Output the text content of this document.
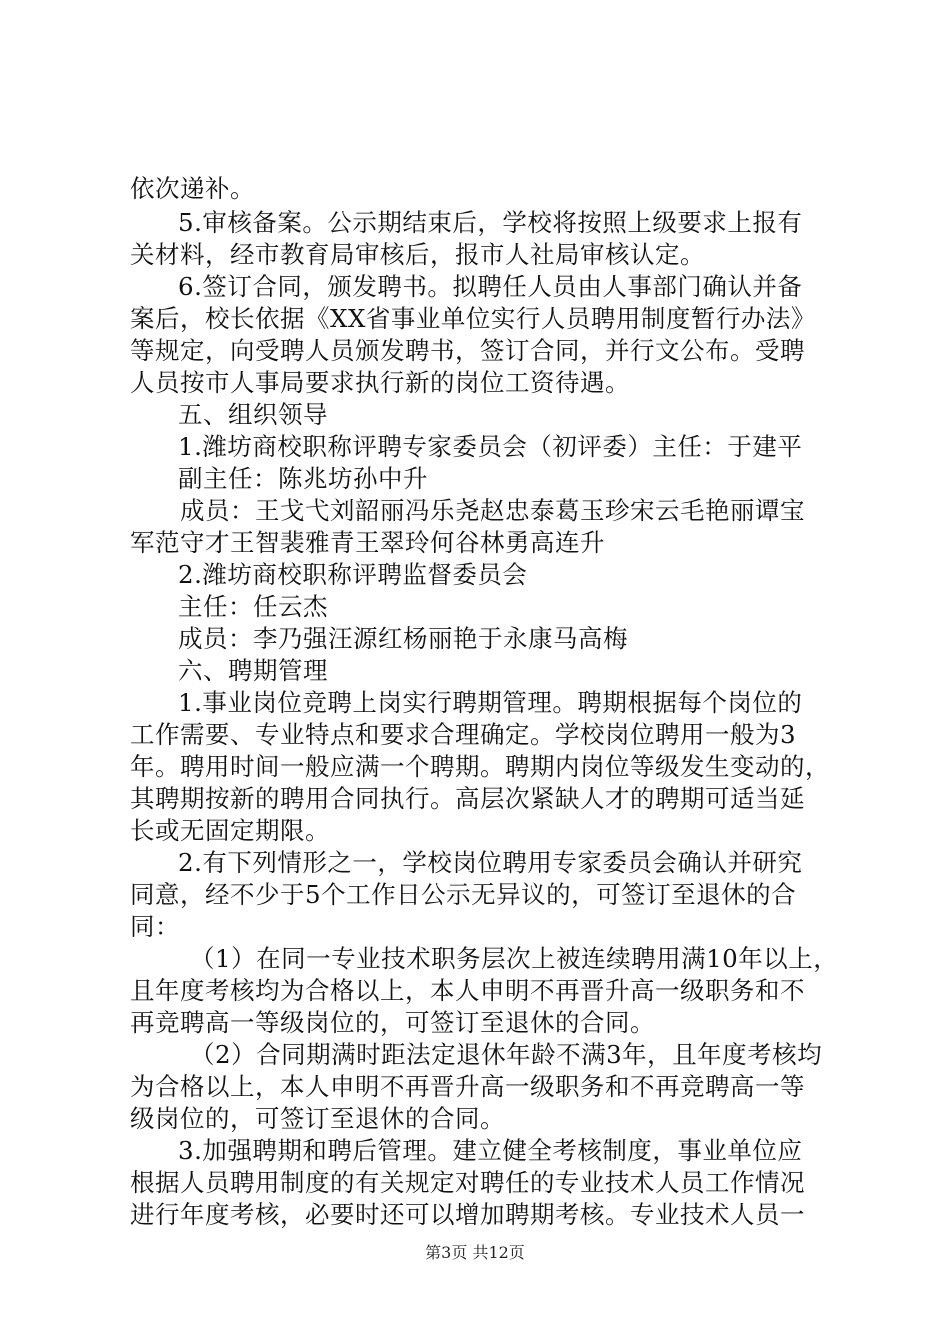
依次递补。
5.审核备案。公示期结束后，学校将按照上级要求上报有
关材料，经市教育局审核后，报市人社局审核认定。
6.签订合同，颁发聘书。拟聘任人员由人事部门确认并备
案后，校长依据《XX省事业单位实行人员聘用制度暂行办法》
等规定，向受聘人员颁发聘书，签订合同，并行文公布。受聘
人员按市人事局要求执行新的岗位工资待遇。
五、组织领导
1.潍坊商校职称评聘专家委员会（初评委）主任：于建平
副主任：陈兆坊孙中升
成员：王戈弋刘韶丽冯乐尧赵忠泰葛玉珍宋云毛艳丽谭宝
军范守才王智裴雅青王翠玲何谷林勇高连升
2.潍坊商校职称评聘监督委员会
主任：任云杰
成员：李乃强汪源红杨丽艳于永康马高梅
六、聘期管理
1.事业岗位竞聘上岗实行聘期管理。聘期根据每个岗位的
工作需要、专业特点和要求合理确定。学校岗位聘用一般为3
年。聘用时间一般应满一个聘期。聘期内岗位等级发生变动的，
其聘期按新的聘用合同执行。高层次紧缺人才的聘期可适当延
长或无固定期限。
2.有下列情形之一，学校岗位聘用专家委员会确认并研究
同意，经不少于5个工作日公示无异议的，可签订至退休的合
同：
（1）在同一专业技术职务层次上被连续聘用满10年以上，
且年度考核均为合格以上，本人申明不再晋升高一级职务和不
再竞聘高一等级岗位的，可签订至退休的合同。
（2）合同期满时距法定退休年龄不满3年，且年度考核均
为合格以上，本人申明不再晋升高一级职务和不再竞聘高一等
级岗位的，可签订至退休的合同。
3.加强聘期和聘后管理。建立健全考核制度，事业单位应
根据人员聘用制度的有关规定对聘任的专业技术人员工作情况
进行年度考核，必要时还可以增加聘期考核。专业技术人员一
第3页 共12页
